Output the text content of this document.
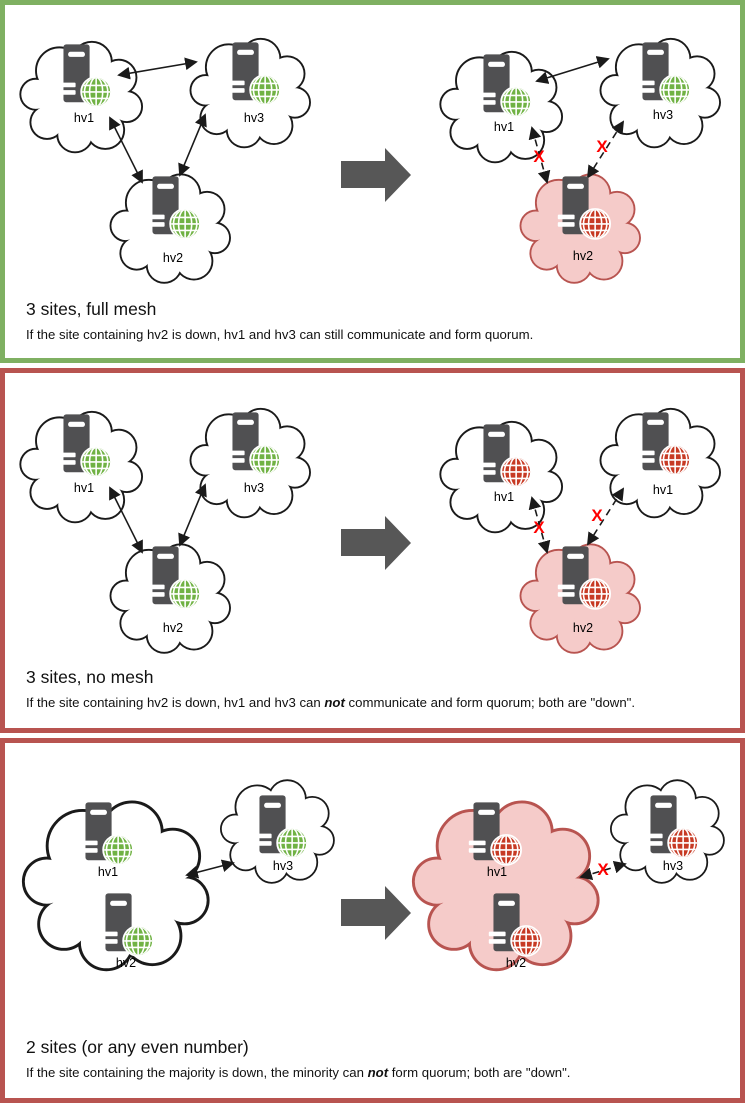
hv1	hv3
hv2
hv1
hv3
hv2
X
X
3 sites, full mesh

If the site containing hv2 is down, hv1 and hv3 can still communicate and form quorum.

hv1	hv3
hv2
hv1	hv1
hv2
X
X
3 sites, no mesh

If the site containing hv2 is down, hv1 and hv3 can not communicate and form quorum; both are "down".

hv1
hv2
hv3	hv1
hv2
hv3
X
2 sites (or any even number)

If the site containing the majority is down, the minority can not form quorum; both are "down".
